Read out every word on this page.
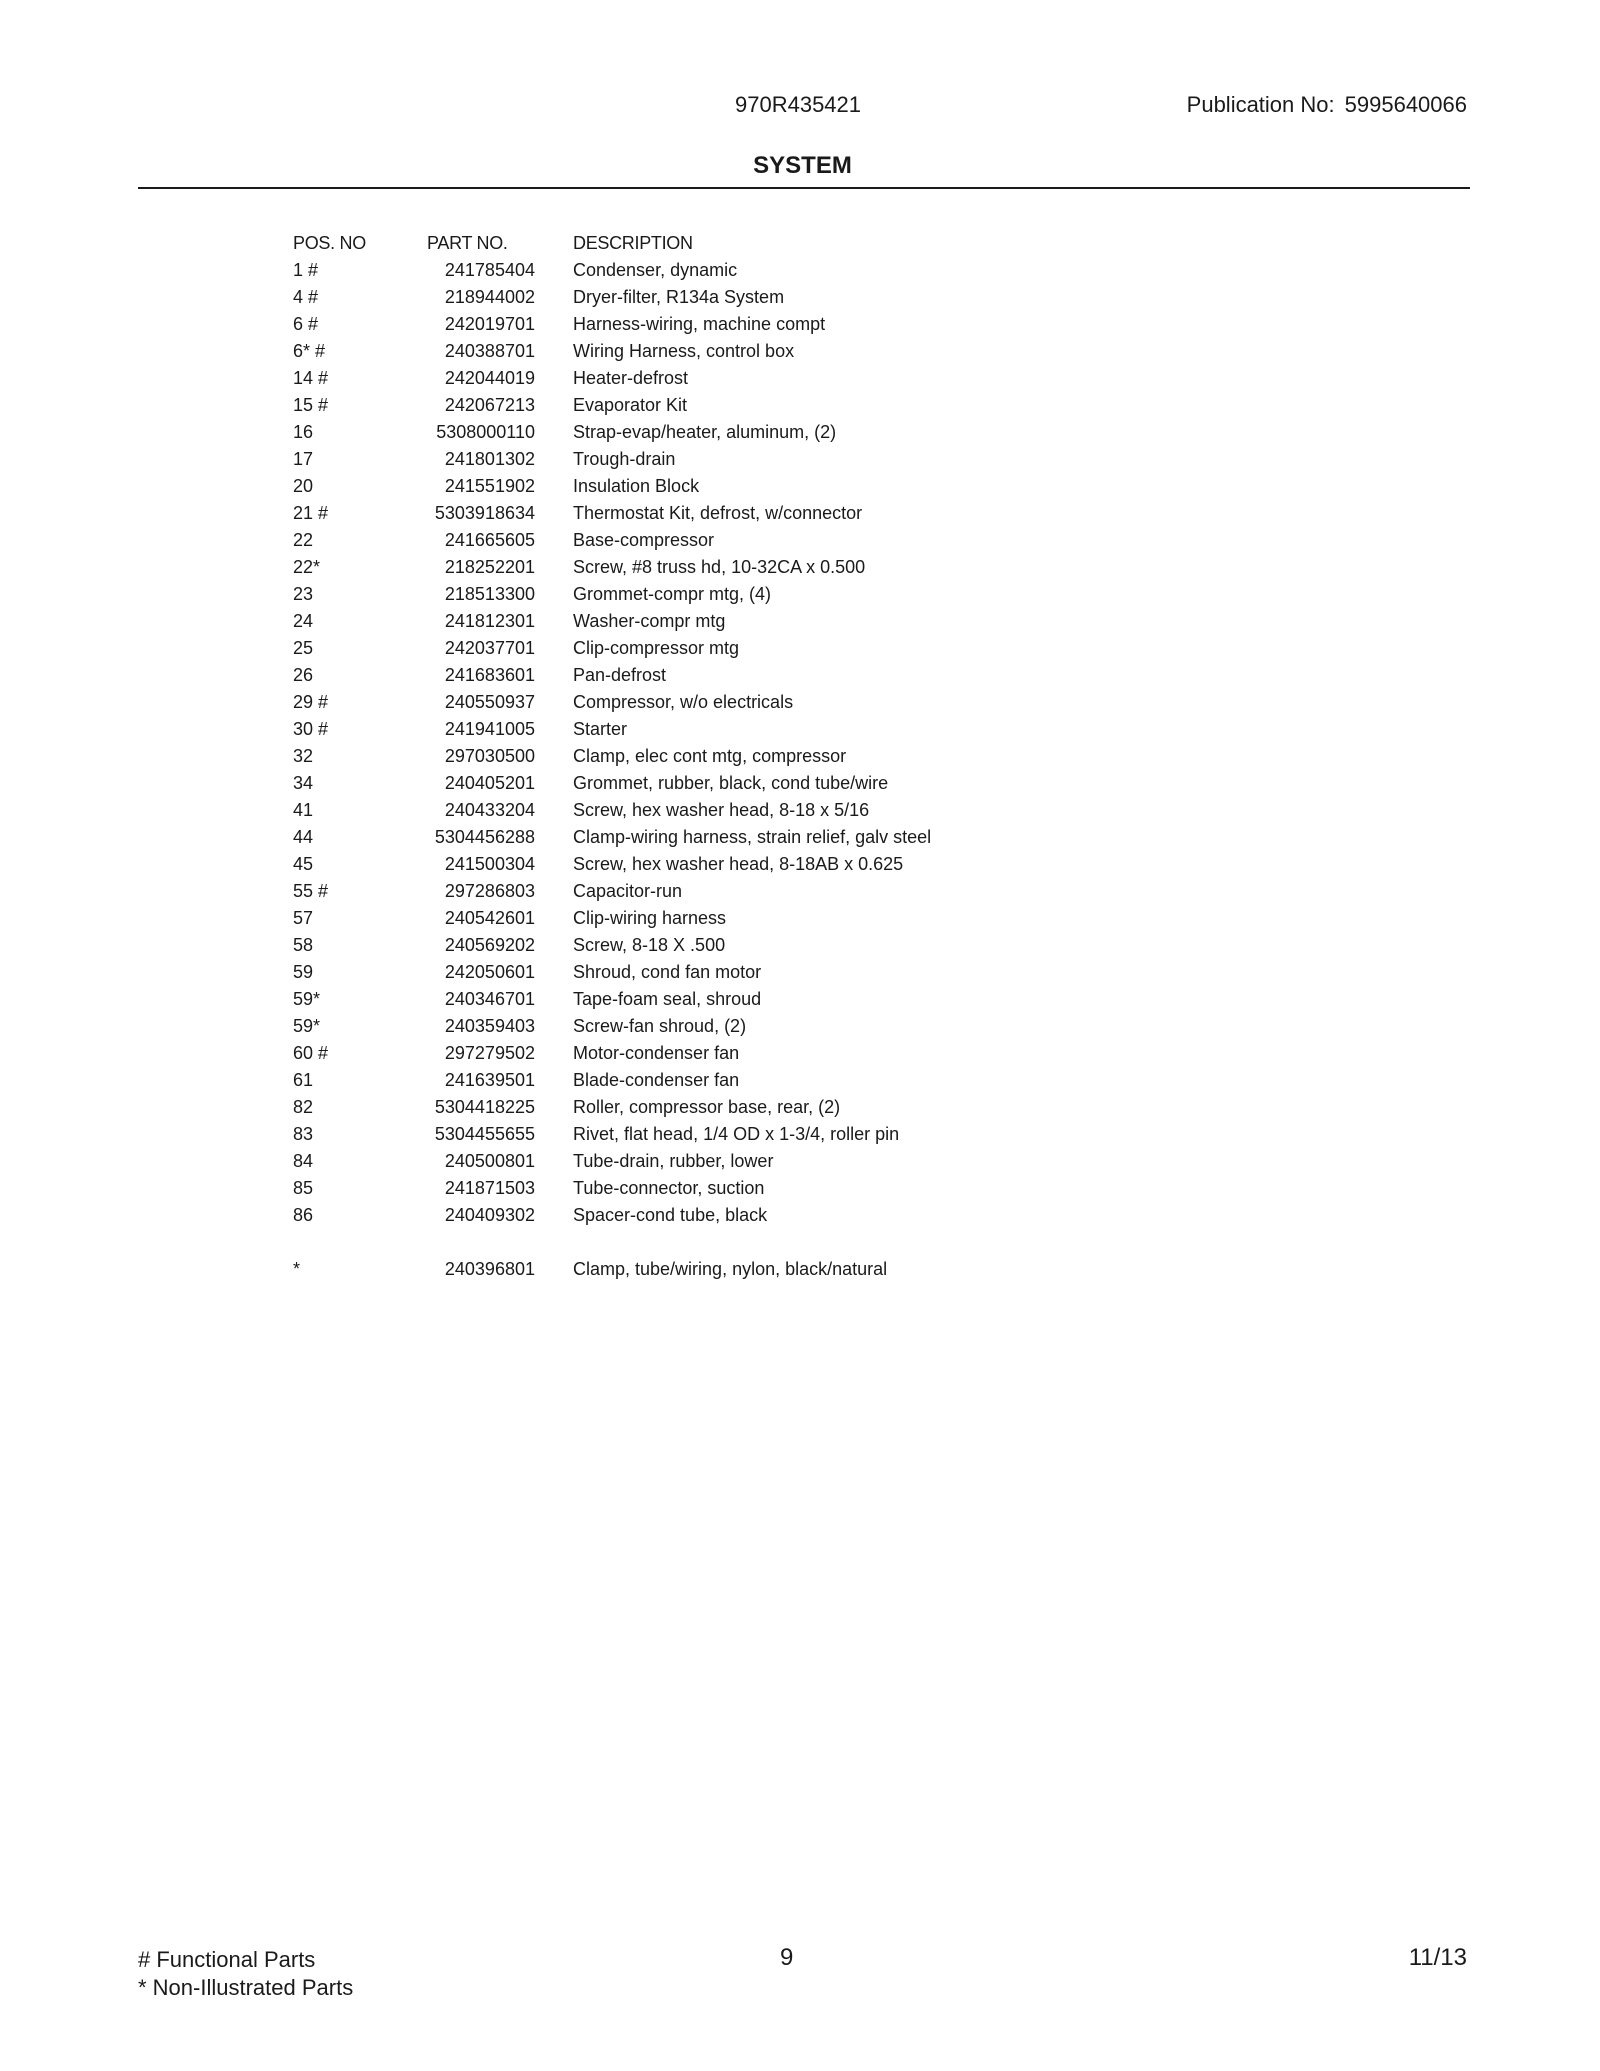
970R435421	Publication No: 5995640066
SYSTEM
POS. NO	PART NO.	DESCRIPTION
1 #	241785404	Condenser, dynamic
4 #	218944002	Dryer-filter, R134a System
6 #	242019701	Harness-wiring, machine compt
6* #	240388701	Wiring Harness, control box
14 #	242044019	Heater-defrost
15 #	242067213	Evaporator Kit
16	5308000110	Strap-evap/heater, aluminum, (2)
17	241801302	Trough-drain
20	241551902	Insulation Block
21 #	5303918634	Thermostat Kit, defrost, w/connector
22	241665605	Base-compressor
22*	218252201	Screw, #8 truss hd, 10-32CA x 0.500
23	218513300	Grommet-compr mtg, (4)
24	241812301	Washer-compr mtg
25	242037701	Clip-compressor mtg
26	241683601	Pan-defrost
29 #	240550937	Compressor, w/o electricals
30 #	241941005	Starter
32	297030500	Clamp, elec cont mtg, compressor
34	240405201	Grommet, rubber, black, cond tube/wire
41	240433204	Screw, hex washer head, 8-18 x 5/16
44	5304456288	Clamp-wiring harness, strain relief, galv steel
45	241500304	Screw, hex washer head, 8-18AB x 0.625
55 #	297286803	Capacitor-run
57	240542601	Clip-wiring harness
58	240569202	Screw, 8-18 X .500
59	242050601	Shroud, cond fan motor
59*	240346701	Tape-foam seal, shroud
59*	240359403	Screw-fan shroud, (2)
60 #	297279502	Motor-condenser fan
61	241639501	Blade-condenser fan
82	5304418225	Roller, compressor base, rear, (2)
83	5304455655	Rivet, flat head, 1/4 OD x 1-3/4, roller pin
84	240500801	Tube-drain, rubber, lower
85	241871503	Tube-connector, suction
86	240409302	Spacer-cond tube, black

*	240396801	Clamp, tube/wiring, nylon, black/natural
# Functional Parts
* Non-Illustrated Parts
9	11/13
